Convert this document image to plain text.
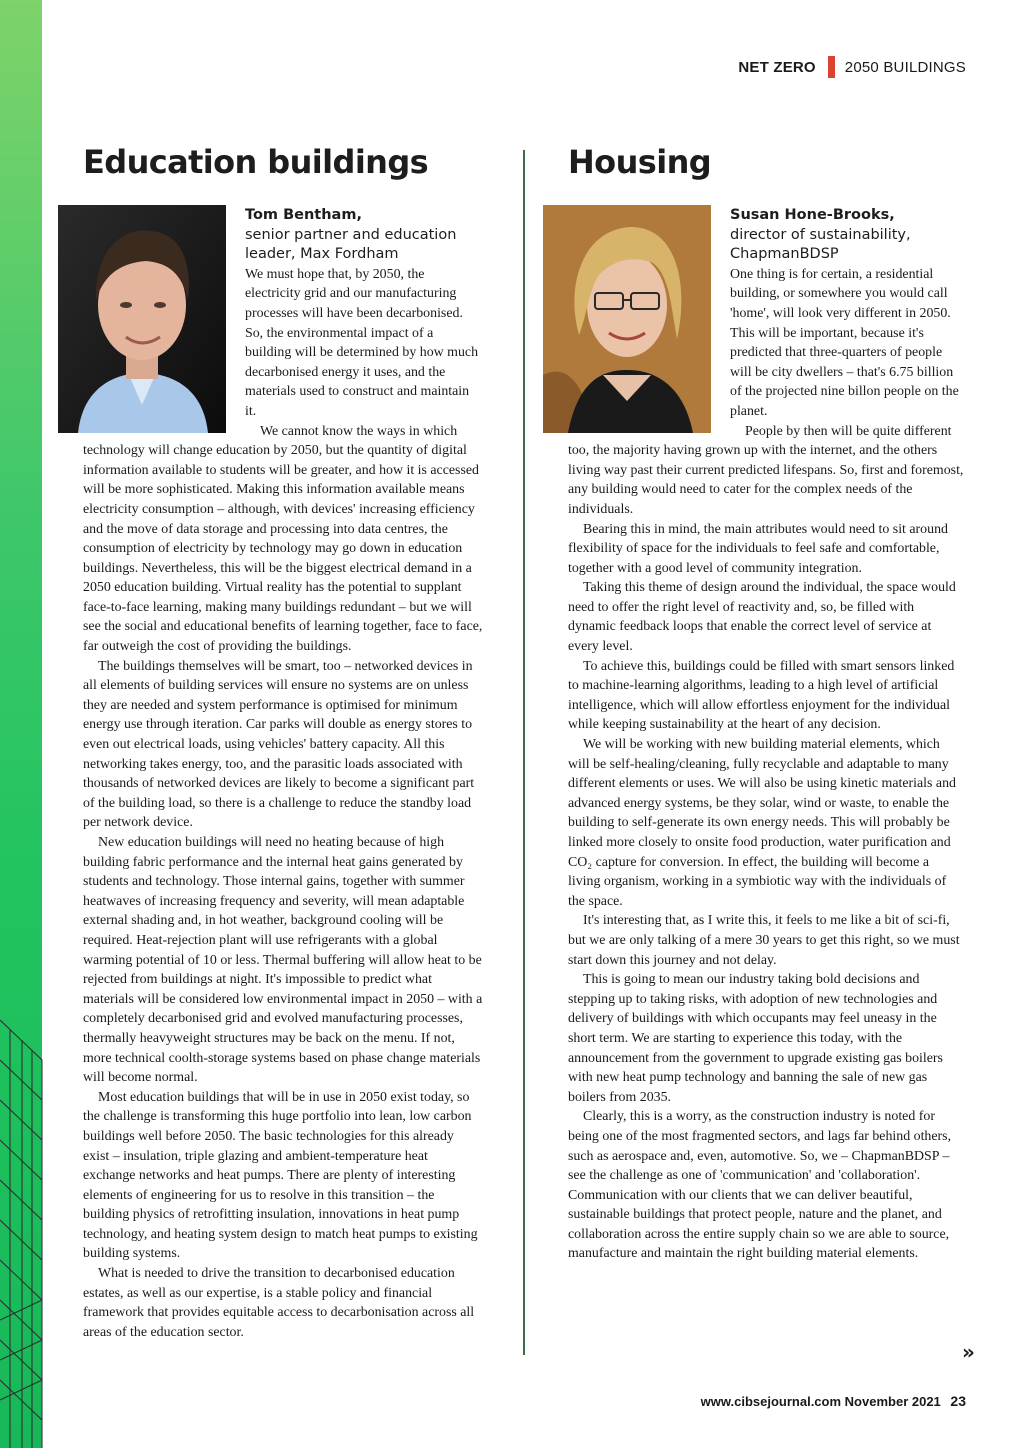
NET ZERO 2050 BUILDINGS
Education buildings

Tom Bentham,
senior partner and education leader, Max Fordham

We must hope that, by 2050, the electricity grid and our manufacturing processes will have been decarbonised. So, the environmental impact of a building will be determined by how much decarbonised energy it uses, and the materials used to construct and maintain it.

We cannot know the ways in which technology will change education by 2050, but the quantity of digital information available to students will be greater, and how it is accessed will be more sophisticated. Making this information available means electricity consumption – although, with devices' increasing efficiency and the move of data storage and processing into data centres, the consumption of electricity by technology may go down in education buildings. Nevertheless, this will be the biggest electrical demand in a 2050 education building. Virtual reality has the potential to supplant face-to-face learning, making many buildings redundant – but we will see the social and educational benefits of learning together, face to face, far outweigh the cost of providing the buildings.

The buildings themselves will be smart, too – networked devices in all elements of building services will ensure no systems are on unless they are needed and system performance is optimised for minimum energy use through iteration. Car parks will double as energy stores to even out electrical loads, using vehicles' battery capacity. All this networking takes energy, too, and the parasitic loads associated with thousands of networked devices are likely to become a significant part of the building load, so there is a challenge to reduce the standby load per network device.

New education buildings will need no heating because of high building fabric performance and the internal heat gains generated by students and technology. Those internal gains, together with summer heatwaves of increasing frequency and severity, will mean adaptable external shading and, in hot weather, background cooling will be required. Heat-rejection plant will use refrigerants with a global warming potential of 10 or less. Thermal buffering will allow heat to be rejected from buildings at night. It's impossible to predict what materials will be considered low environmental impact in 2050 – with a completely decarbonised grid and evolved manufacturing processes, thermally heavyweight structures may be back on the menu. If not, more technical coolth-storage systems based on phase change materials will become normal.

Most education buildings that will be in use in 2050 exist today, so the challenge is transforming this huge portfolio into lean, low carbon buildings well before 2050. The basic technologies for this already exist – insulation, triple glazing and ambient-temperature heat exchange networks and heat pumps. There are plenty of interesting elements of engineering for us to resolve in this transition – the building physics of retrofitting insulation, innovations in heat pump technology, and heating system design to match heat pumps to existing building systems.

What is needed to drive the transition to decarbonised education estates, as well as our expertise, is a stable policy and financial framework that provides equitable access to decarbonisation across all areas of the education sector.

Housing

Susan Hone-Brooks,
director of sustainability, ChapmanBDSP

One thing is for certain, a residential building, or somewhere you would call 'home', will look very different in 2050. This will be important, because it's predicted that three-quarters of people will be city dwellers – that's 6.75 billion of the projected nine billon people on the planet.

People by then will be quite different too, the majority having grown up with the internet, and the others living way past their current predicted lifespans. So, first and foremost, any building would need to cater for the complex needs of the individuals.

Bearing this in mind, the main attributes would need to sit around flexibility of space for the individuals to feel safe and comfortable, together with a good level of community integration.

Taking this theme of design around the individual, the space would need to offer the right level of reactivity and, so, be filled with dynamic feedback loops that enable the correct level of service at every level.

To achieve this, buildings could be filled with smart sensors linked to machine-learning algorithms, leading to a high level of artificial intelligence, which will allow effortless enjoyment for the individual while keeping sustainability at the heart of any decision.

We will be working with new building material elements, which will be self-healing/cleaning, fully recyclable and adaptable to many different elements or uses. We will also be using kinetic materials and advanced energy systems, be they solar, wind or waste, to enable the building to self-generate its own energy needs. This will probably be linked more closely to onsite food production, water purification and CO₂ capture for conversion. In effect, the building will become a living organism, working in a symbiotic way with the individuals of the space.

It's interesting that, as I write this, it feels to me like a bit of sci-fi, but we are only talking of a mere 30 years to get this right, so we must start down this journey and not delay.

This is going to mean our industry taking bold decisions and stepping up to taking risks, with adoption of new technologies and delivery of buildings with which occupants may feel uneasy in the short term. We are starting to experience this today, with the announcement from the government to upgrade existing gas boilers with new heat pump technology and banning the sale of new gas boilers from 2035.

Clearly, this is a worry, as the construction industry is noted for being one of the most fragmented sectors, and lags far behind others, such as aerospace and, even, automotive. So, we – ChapmanBDSP – see the challenge as one of 'communication' and 'collaboration'. Communication with our clients that we can deliver beautiful, sustainable buildings that protect people, nature and the planet, and collaboration across the entire supply chain so we are able to source, manufacture and maintain the right building material elements.

»
www.cibsejournal.com November 2021 23
